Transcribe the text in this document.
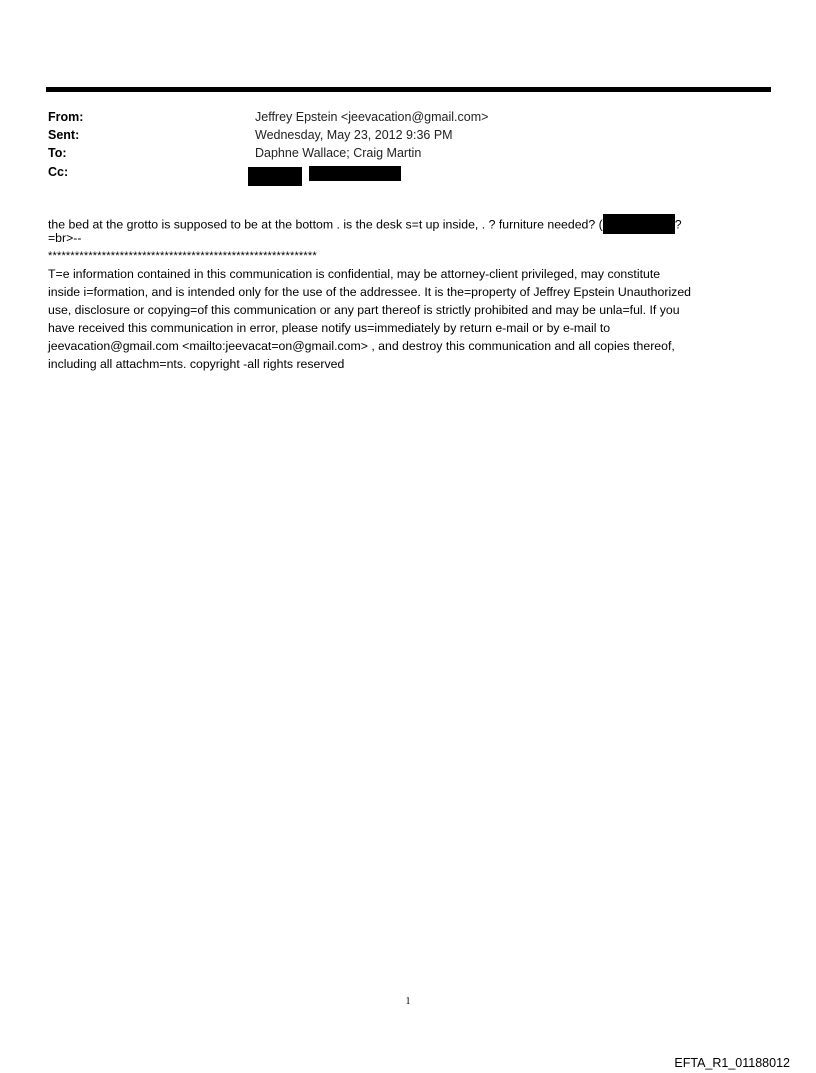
From:	Jeffrey Epstein <jeevacation@gmail.com>
Sent:	Wednesday, May 23, 2012 9:36 PM
To:	Daphne Wallace; Craig Martin
Cc:

the bed at the grotto is supposed to be at the bottom . is the desk s=t up inside, . ? furniture needed? (	?
=br>--
************************************************************
T=e information contained in this communication is confidential, may be attorney-client privileged, may constitute
inside i=formation, and is intended only for the use of the addressee. It is the=property of Jeffrey Epstein Unauthorized
use, disclosure or copying=of this communication or any part thereof is strictly prohibited and may be unla=ful. If you
have received this communication in error, please notify us=immediately by return e-mail or by e-mail to
jeevacation@gmail.com <mailto:jeevacat=on@gmail.com> , and destroy this communication and all copies thereof,
including all attachm=nts. copyright -all rights reserved
1
EFTA_R1_01188012
